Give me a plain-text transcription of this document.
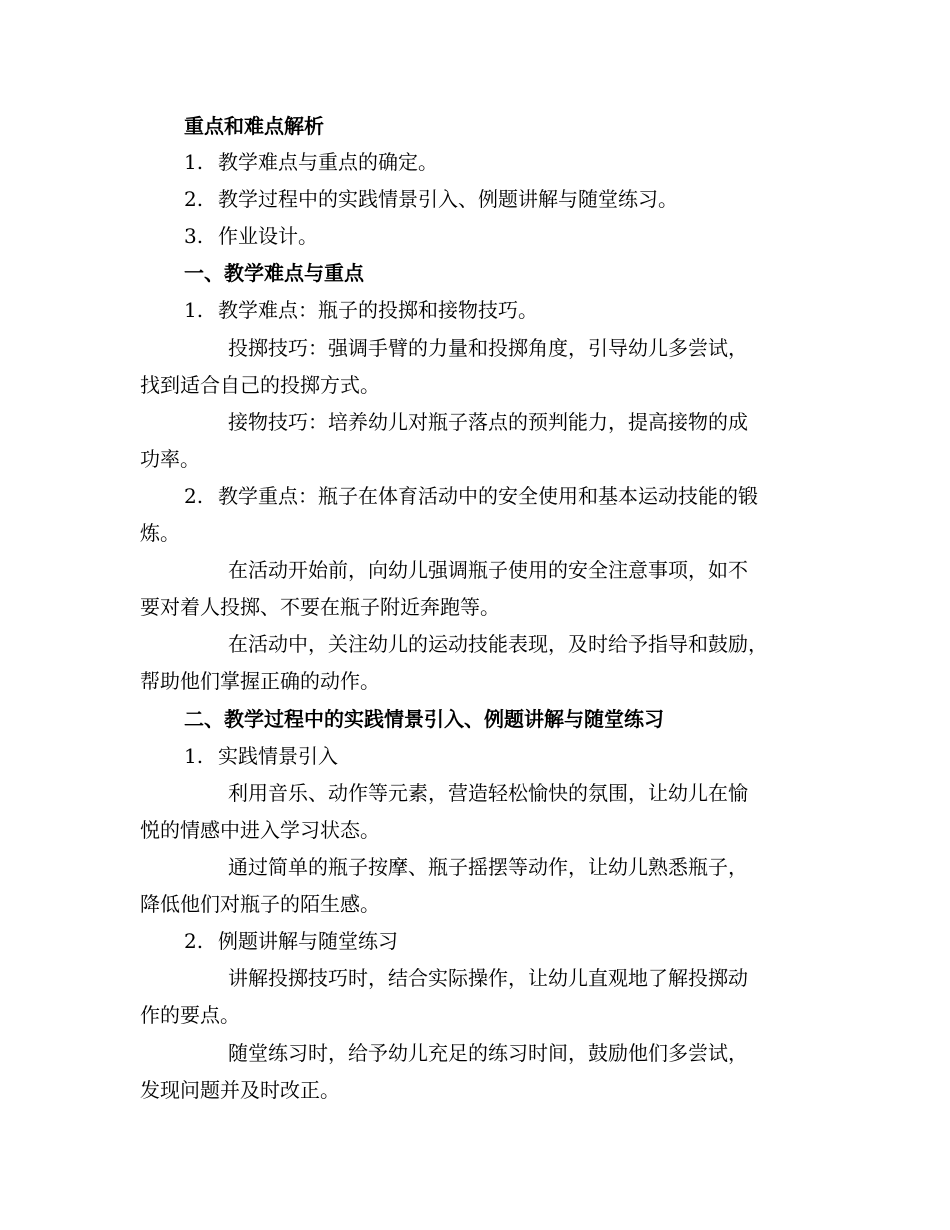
重点和难点解析
1. 教学难点与重点的确定。
2. 教学过程中的实践情景引入、例题讲解与随堂练习。
3. 作业设计。
一、教学难点与重点
1. 教学难点：瓶子的投掷和接物技巧。
投掷技巧：强调手臂的力量和投掷角度，引导幼儿多尝试，
找到适合自己的投掷方式。
接物技巧：培养幼儿对瓶子落点的预判能力，提高接物的成
功率。
2. 教学重点：瓶子在体育活动中的安全使用和基本运动技能的锻
炼。
在活动开始前，向幼儿强调瓶子使用的安全注意事项，如不
要对着人投掷、不要在瓶子附近奔跑等。
在活动中，关注幼儿的运动技能表现，及时给予指导和鼓励，
帮助他们掌握正确的动作。
二、教学过程中的实践情景引入、例题讲解与随堂练习
1. 实践情景引入
利用音乐、动作等元素，营造轻松愉快的氛围，让幼儿在愉
悦的情感中进入学习状态。
通过简单的瓶子按摩、瓶子摇摆等动作，让幼儿熟悉瓶子，
降低他们对瓶子的陌生感。
2. 例题讲解与随堂练习
讲解投掷技巧时，结合实际操作，让幼儿直观地了解投掷动
作的要点。
随堂练习时，给予幼儿充足的练习时间，鼓励他们多尝试，
发现问题并及时改正。
